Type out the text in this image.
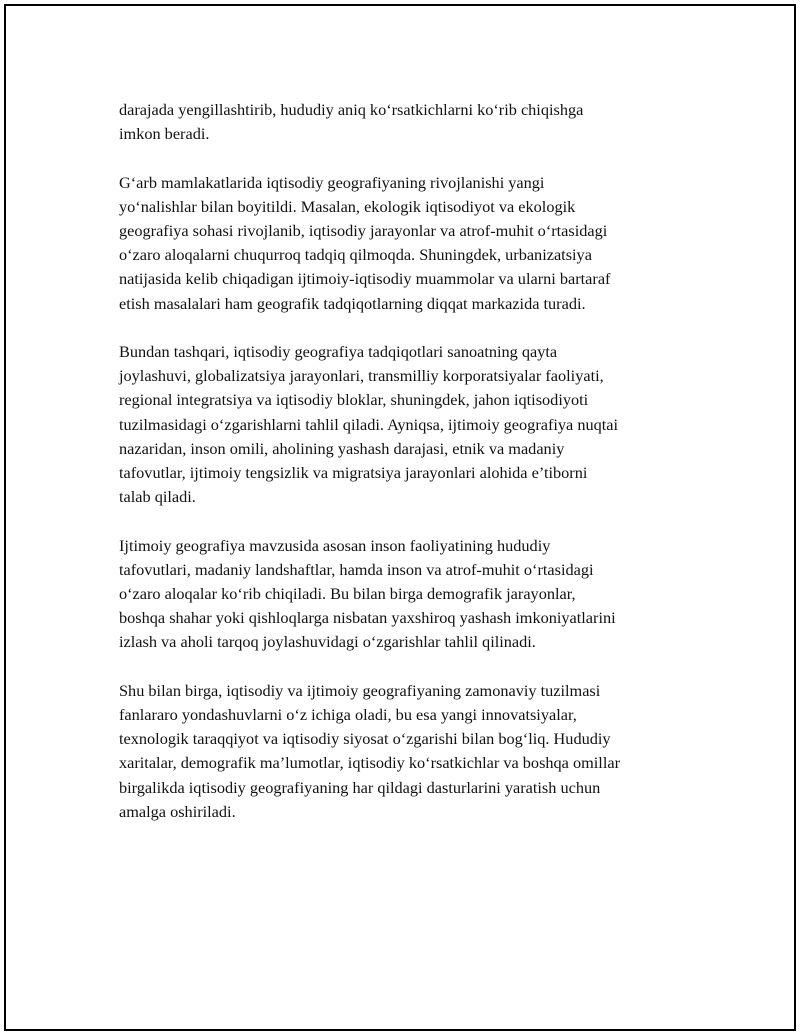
darajada yengillashtirib, hududiy aniq ko‘rsatkichlarni ko‘rib chiqishga
imkon beradi.

G‘arb mamlakatlarida iqtisodiy geografiyaning rivojlanishi yangi
yo‘nalishlar bilan boyitildi. Masalan, ekologik iqtisodiyot va ekologik
geografiya sohasi rivojlanib, iqtisodiy jarayonlar va atrof-muhit o‘rtasidagi
o‘zaro aloqalarni chuqurroq tadqiq qilmoqda. Shuningdek, urbanizatsiya
natijasida kelib chiqadigan ijtimoiy-iqtisodiy muammolar va ularni bartaraf
etish masalalari ham geografik tadqiqotlarning diqqat markazida turadi.

Bundan tashqari, iqtisodiy geografiya tadqiqotlari sanoatning qayta
joylashuvi, globalizatsiya jarayonlari, transmilliy korporatsiyalar faoliyati,
regional integratsiya va iqtisodiy bloklar, shuningdek, jahon iqtisodiyoti
tuzilmasidagi o‘zgarishlarni tahlil qiladi. Ayniqsa, ijtimoiy geografiya nuqtai
nazaridan, inson omili, aholining yashash darajasi, etnik va madaniy
tafovutlar, ijtimoiy tengsizlik va migratsiya jarayonlari alohida e’tiborni
talab qiladi.

Ijtimoiy geografiya mavzusida asosan inson faoliyatining hududiy
tafovutlari, madaniy landshaftlar, hamda inson va atrof-muhit o‘rtasidagi
o‘zaro aloqalar ko‘rib chiqiladi. Bu bilan birga demografik jarayonlar,
boshqa shahar yoki qishloqlarga nisbatan yaxshiroq yashash imkoniyatlarini
izlash va aholi tarqoq joylashuvidagi o‘zgarishlar tahlil qilinadi.

Shu bilan birga, iqtisodiy va ijtimoiy geografiyaning zamonaviy tuzilmasi
fanlararo yondashuvlarni o‘z ichiga oladi, bu esa yangi innovatsiyalar,
texnologik taraqqiyot va iqtisodiy siyosat o‘zgarishi bilan bog‘liq. Hududiy
xaritalar, demografik ma’lumotlar, iqtisodiy ko‘rsatkichlar va boshqa omillar
birgalikda iqtisodiy geografiyaning har qildagi dasturlarini yaratish uchun
amalga oshiriladi.
